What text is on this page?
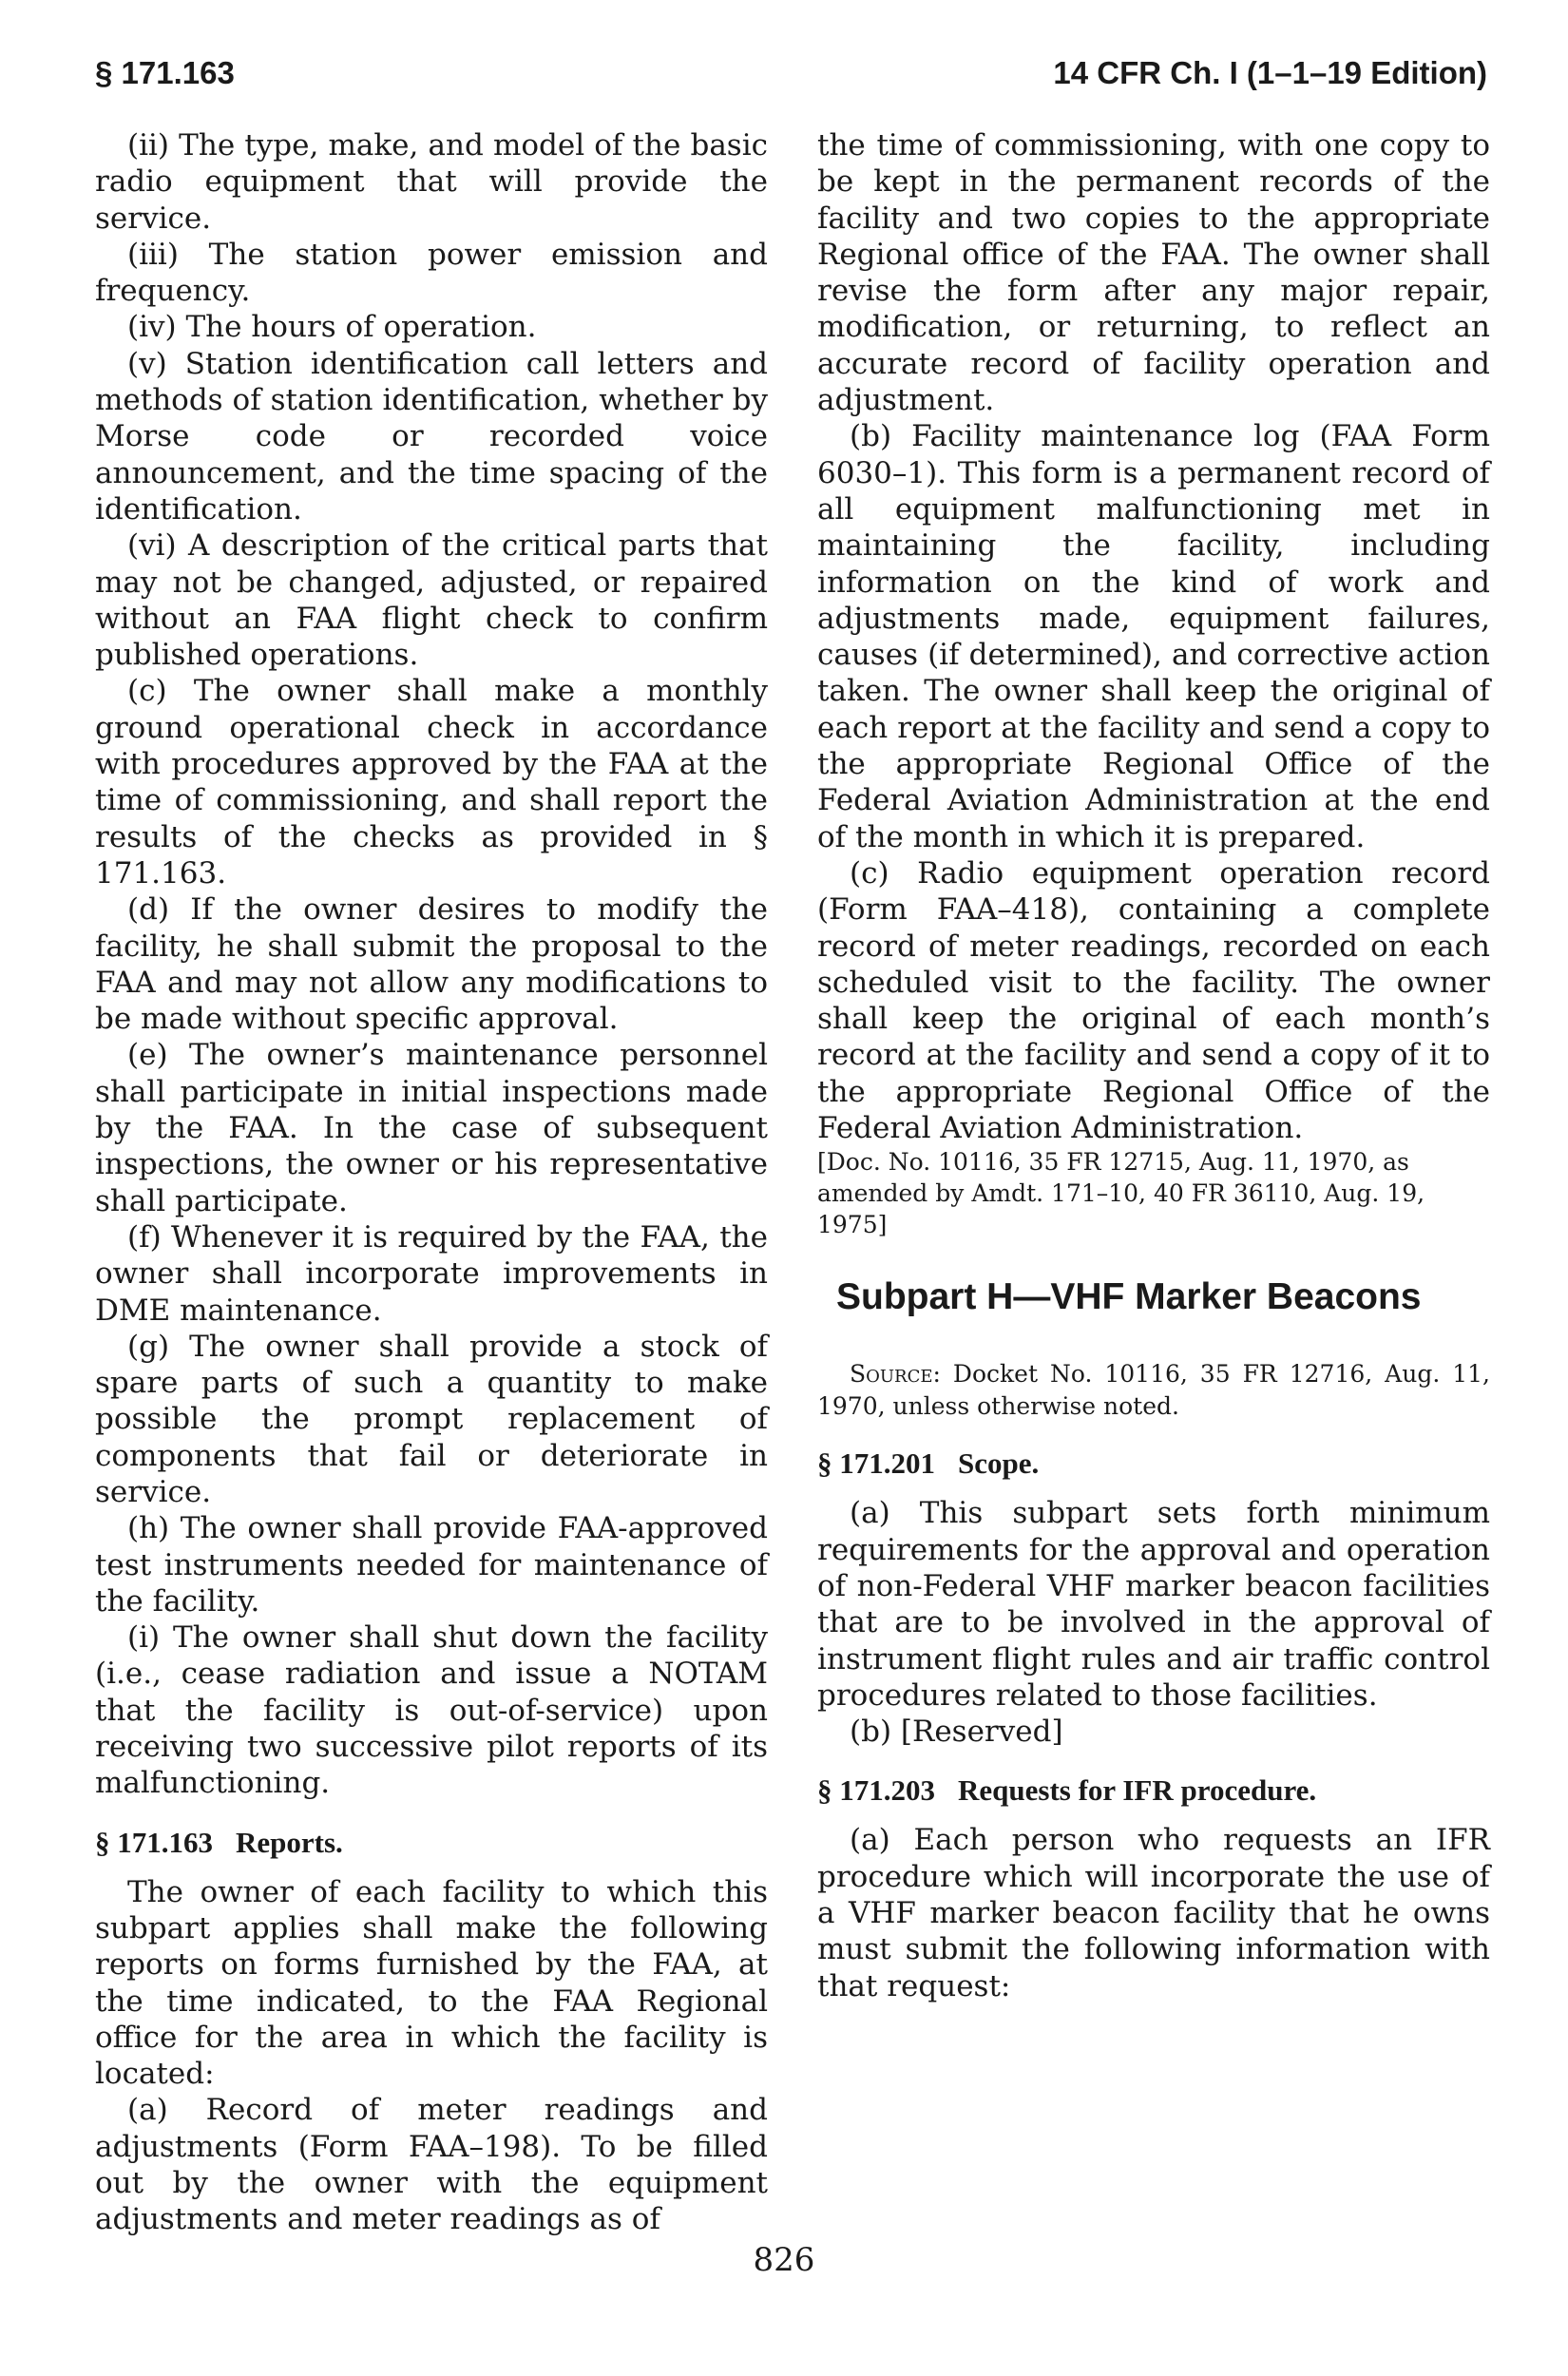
§ 171.163	14 CFR Ch. I (1–1–19 Edition)

(ii) The type, make, and model of the basic radio equipment that will provide the service.

(iii) The station power emission and frequency.

(iv) The hours of operation.

(v) Station identification call letters and methods of station identification, whether by Morse code or recorded voice announcement, and the time spacing of the identification.

(vi) A description of the critical parts that may not be changed, adjusted, or repaired without an FAA flight check to confirm published operations.

(c) The owner shall make a monthly ground operational check in accordance with procedures approved by the FAA at the time of commissioning, and shall report the results of the checks as provided in § 171.163.

(d) If the owner desires to modify the facility, he shall submit the proposal to the FAA and may not allow any modifications to be made without specific approval.

(e) The owner’s maintenance personnel shall participate in initial inspections made by the FAA. In the case of subsequent inspections, the owner or his representative shall participate.

(f) Whenever it is required by the FAA, the owner shall incorporate improvements in DME maintenance.

(g) The owner shall provide a stock of spare parts of such a quantity to make possible the prompt replacement of components that fail or deteriorate in service.

(h) The owner shall provide FAA-approved test instruments needed for maintenance of the facility.

(i) The owner shall shut down the facility (i.e., cease radiation and issue a NOTAM that the facility is out-of-service) upon receiving two successive pilot reports of its malfunctioning.

§ 171.163 Reports.

The owner of each facility to which this subpart applies shall make the following reports on forms furnished by the FAA, at the time indicated, to the FAA Regional office for the area in which the facility is located:

(a) Record of meter readings and adjustments (Form FAA–198). To be filled out by the owner with the equipment adjustments and meter readings as of

the time of commissioning, with one copy to be kept in the permanent records of the facility and two copies to the appropriate Regional office of the FAA. The owner shall revise the form after any major repair, modification, or returning, to reflect an accurate record of facility operation and adjustment.

(b) Facility maintenance log (FAA Form 6030–1). This form is a permanent record of all equipment malfunctioning met in maintaining the facility, including information on the kind of work and adjustments made, equipment failures, causes (if determined), and corrective action taken. The owner shall keep the original of each report at the facility and send a copy to the appropriate Regional Office of the Federal Aviation Administration at the end of the month in which it is prepared.

(c) Radio equipment operation record (Form FAA–418), containing a complete record of meter readings, recorded on each scheduled visit to the facility. The owner shall keep the original of each month’s record at the facility and send a copy of it to the appropriate Regional Office of the Federal Aviation Administration.

[Doc. No. 10116, 35 FR 12715, Aug. 11, 1970, as amended by Amdt. 171–10, 40 FR 36110, Aug. 19, 1975]

Subpart H—VHF Marker Beacons

Source: Docket No. 10116, 35 FR 12716, Aug. 11, 1970, unless otherwise noted.

§ 171.201 Scope.

(a) This subpart sets forth minimum requirements for the approval and operation of non-Federal VHF marker beacon facilities that are to be involved in the approval of instrument flight rules and air traffic control procedures related to those facilities.

(b) [Reserved]

§ 171.203 Requests for IFR procedure.

(a) Each person who requests an IFR procedure which will incorporate the use of a VHF marker beacon facility that he owns must submit the following information with that request:

826
